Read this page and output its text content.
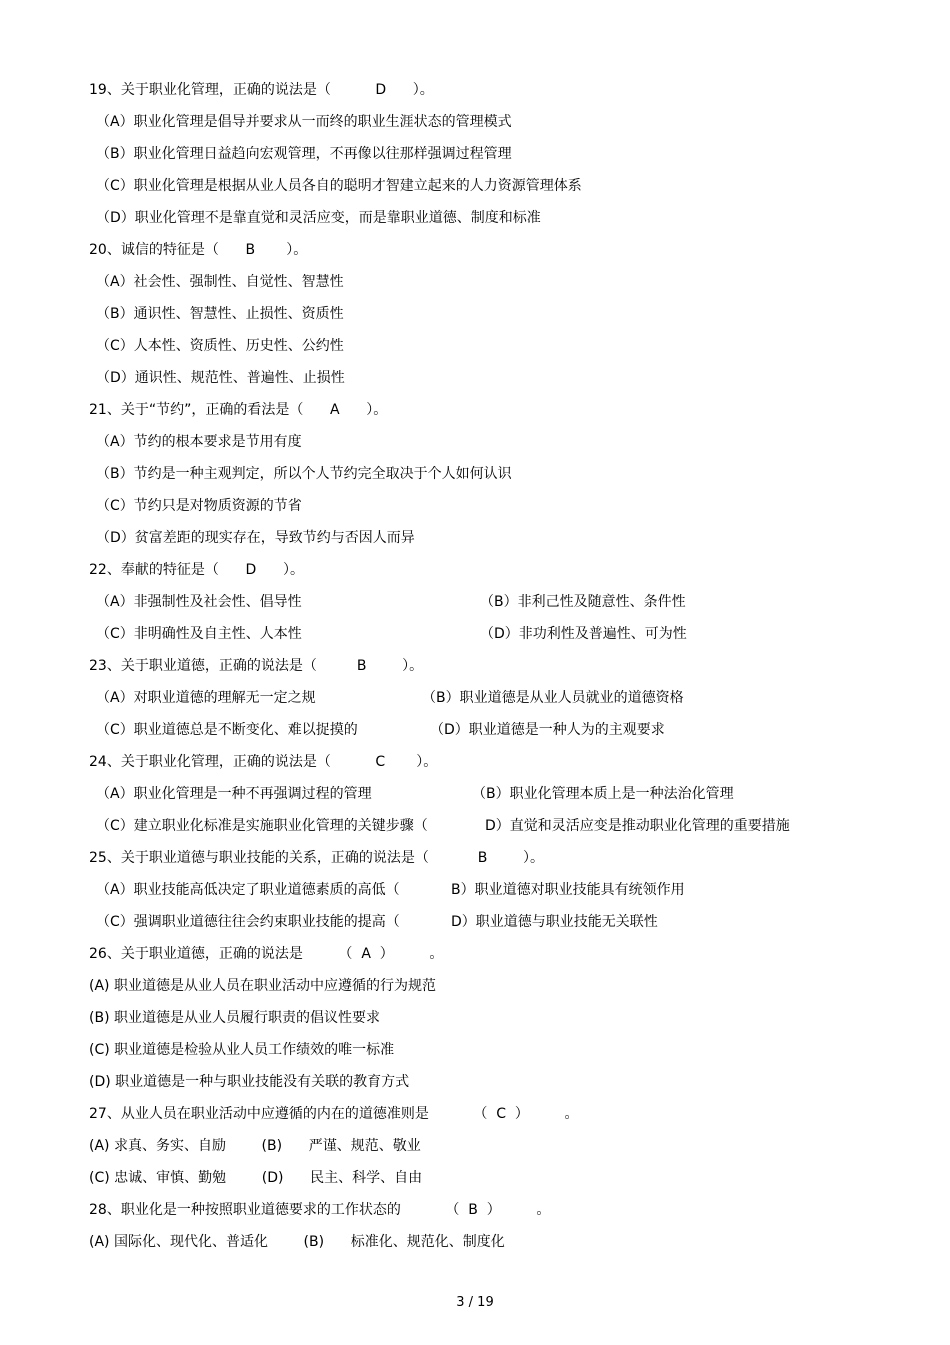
19、关于职业化管理，正确的说法是（          D      ）。
（A）职业化管理是倡导并要求从一而终的职业生涯状态的管理模式
（B）职业化管理日益趋向宏观管理，不再像以往那样强调过程管理
（C）职业化管理是根据从业人员各自的聪明才智建立起来的人力资源管理体系
（D）职业化管理不是靠直觉和灵活应变，而是靠职业道德、制度和标准
20、诚信的特征是（      B       ）。
（A）社会性、强制性、自觉性、智慧性
（B）通识性、智慧性、止损性、资质性
（C）人本性、资质性、历史性、公约性
（D）通识性、规范性、普遍性、止损性
21、关于“节约”，正确的看法是（      A      ）。
（A）节约的根本要求是节用有度
（B）节约是一种主观判定，所以个人节约完全取决于个人如何认识
（C）节约只是对物质资源的节省
（D）贫富差距的现实存在，导致节约与否因人而异
22、奉献的特征是（      D      ）。
（A）非强制性及社会性、倡导性	（B）非利己性及随意性、条件性
（C）非明确性及自主性、人本性	（D）非功利性及普遍性、可为性
23、关于职业道德，正确的说法是（         B        ）。
（A）对职业道德的理解无一定之规	（B）职业道德是从业人员就业的道德资格
（C）职业道德总是不断变化、难以捉摸的	（D）职业道德是一种人为的主观要求
24、关于职业化管理，正确的说法是（          C       ）。
（A）职业化管理是一种不再强调过程的管理	（B）职业化管理本质上是一种法治化管理
（C）建立职业化标准是实施职业化管理的关键步骤（	D）直觉和灵活应变是推动职业化管理的重要措施
25、关于职业道德与职业技能的关系，正确的说法是（           B        ）。
（A）职业技能高低决定了职业道德素质的高低（	B）职业道德对职业技能具有统领作用
（C）强调职业道德往往会约束职业技能的提高（	D）职业道德与职业技能无关联性
26、关于职业道德，正确的说法是        （  A  ）        。
(A) 职业道德是从业人员在职业活动中应遵循的行为规范
(B) 职业道德是从业人员履行职责的倡议性要求
(C) 职业道德是检验从业人员工作绩效的唯一标准
(D) 职业道德是一种与职业技能没有关联的教育方式
27、从业人员在职业活动中应遵循的内在的道德准则是          （  C  ）        。
(A) 求真、务实、自励        (B)      严谨、规范、敬业
(C) 忠诚、审慎、勤勉        (D)      民主、科学、自由
28、职业化是一种按照职业道德要求的工作状态的          （  B  ）        。
(A) 国际化、现代化、普适化        (B)      标准化、规范化、制度化
3 / 19
